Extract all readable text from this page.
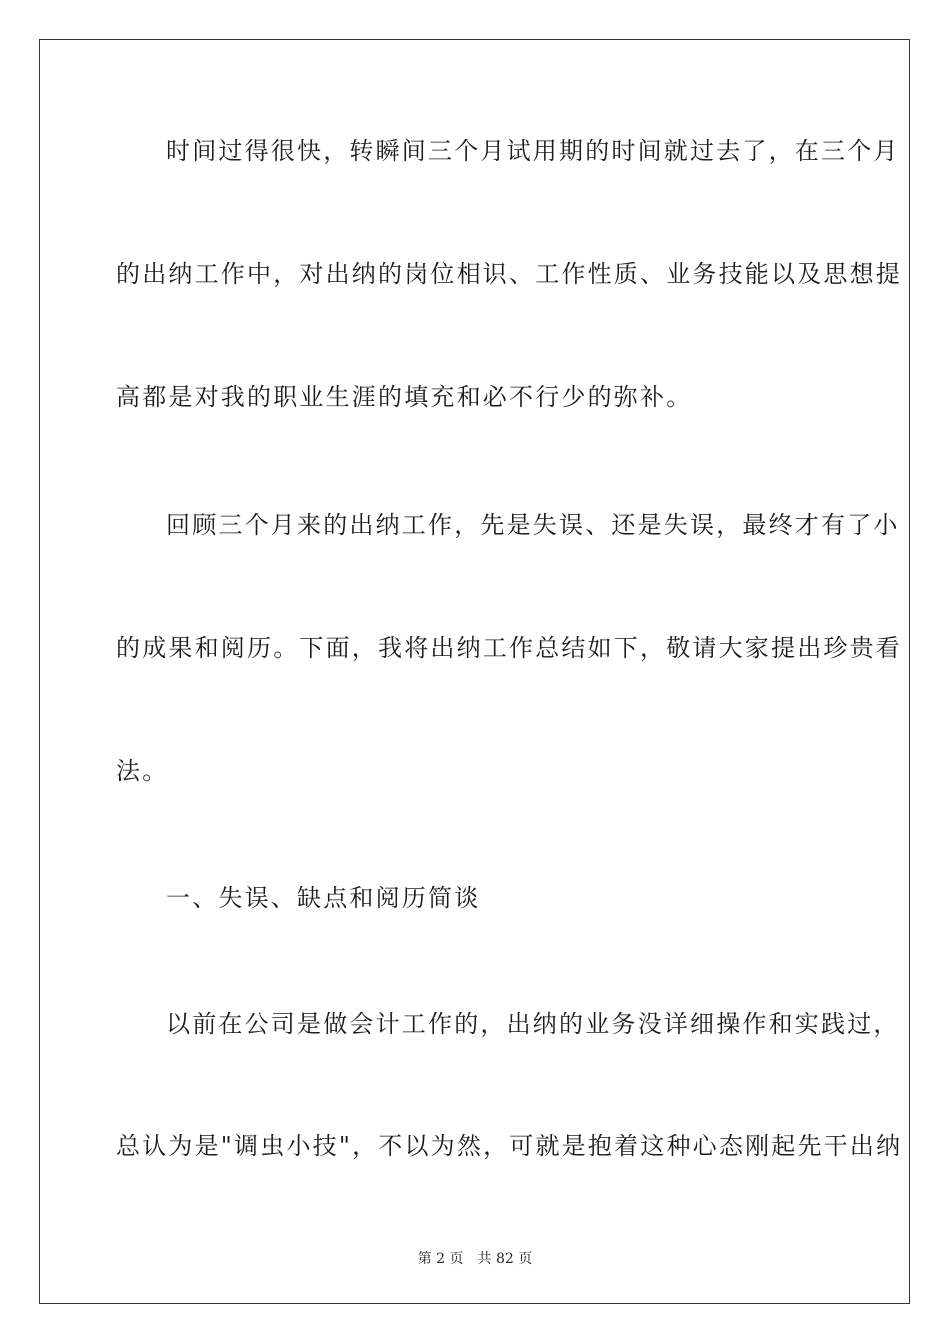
时间过得很快，转瞬间三个月试用期的时间就过去了，在三个月
的出纳工作中，对出纳的岗位相识、工作性质、业务技能以及思想提
高都是对我的职业生涯的填充和必不行少的弥补。
回顾三个月来的出纳工作，先是失误、还是失误，最终才有了小
的成果和阅历。下面，我将出纳工作总结如下，敬请大家提出珍贵看
法。
一、失误、缺点和阅历简谈
以前在公司是做会计工作的，出纳的业务没详细操作和实践过，
总认为是"调虫小技"，不以为然，可就是抱着这种心态刚起先干出纳
第 2 页 共 82 页
